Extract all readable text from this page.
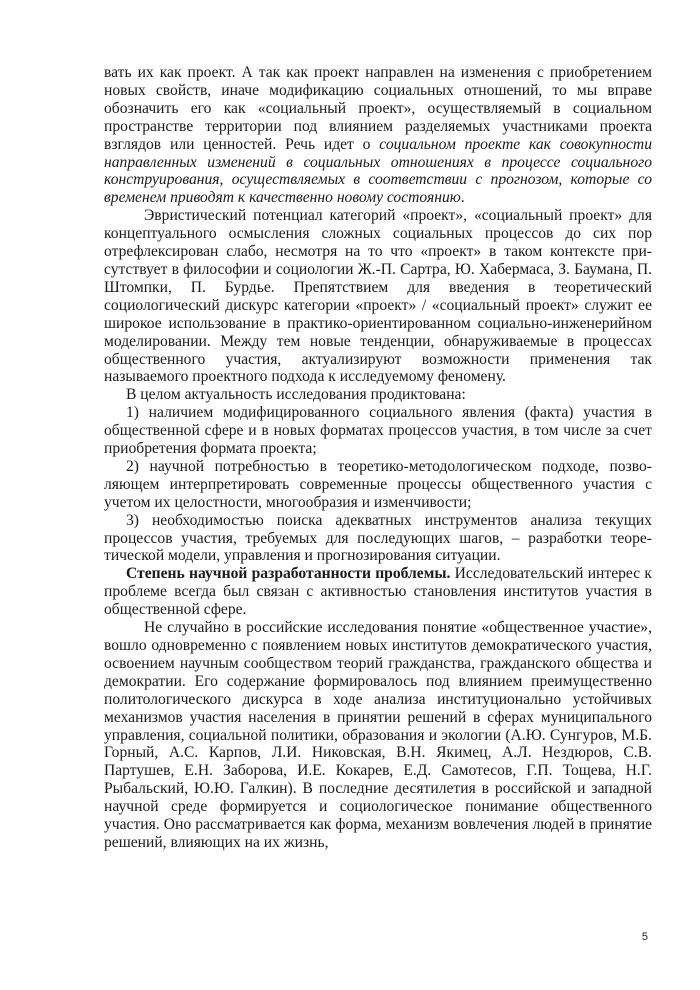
вать их как проект. А так как проект направлен на изменения с приобретением новых свойств, иначе модификацию социальных отношений, то мы вправе обозначить его как «социальный проект», осуществляемый в социальном пространстве территории под влиянием разделяемых участниками проекта взглядов или ценностей. Речь идет о социальном проекте как совокупности направленных изменений в социальных отношениях в процессе социального конструирования, осуществляемых в соответствии с прогнозом, которые со временем приводят к качественно новому состоянию.

Эвристический потенциал категорий «проект», «социальный проект» для концептуального осмысления сложных социальных процессов до сих пор отрефлексирован слабо, несмотря на то что «проект» в таком контексте присутствует в философии и социологии Ж.-П. Сартра, Ю. Хабермаса, З. Баумана, П. Штомпки, П. Бурдье. Препятствием для введения в теоретический социологический дискурс категории «проект» / «социальный проект» служит ее широкое использование в практико-ориентированном социально-инженерийном моделировании. Между тем новые тенденции, обнаруживаемые в процессах общественного участия, актуализируют возможности применения так называемого проектного подхода к исследуемому феномену.

В целом актуальность исследования продиктована:

1) наличием модифицированного социального явления (факта) участия в общественной сфере и в новых форматах процессов участия, в том числе за счет приобретения формата проекта;

2) научной потребностью в теоретико-методологическом подходе, позволяющем интерпретировать современные процессы общественного участия с учетом их целостности, многообразия и изменчивости;

3) необходимостью поиска адекватных инструментов анализа текущих процессов участия, требуемых для последующих шагов, – разработки теоретической модели, управления и прогнозирования ситуации.

Степень научной разработанности проблемы. Исследовательский интерес к проблеме всегда был связан с активностью становления институтов участия в общественной сфере.

Не случайно в российские исследования понятие «общественное участие», вошло одновременно с появлением новых институтов демократического участия, освоением научным сообществом теорий гражданства, гражданского общества и демократии. Его содержание формировалось под влиянием преимущественно политологического дискурса в ходе анализа институционально устойчивых механизмов участия населения в принятии решений в сферах муниципального управления, социальной политики, образования и экологии (А.Ю. Сунгуров, М.Б. Горный, А.С. Карпов, Л.И. Никовская, В.Н. Якимец, А.Л. Нездюров, С.В. Партушев, Е.Н. Заборова, И.Е. Кокарев, Е.Д. Самотесов, Г.П. Тощева, Н.Г. Рыбальский, Ю.Ю. Галкин). В последние десятилетия в российской и западной научной среде формируется и социологическое понимание общественного участия. Оно рассматривается как форма, механизм вовлечения людей в принятие решений, влияющих на их жизнь,

5
